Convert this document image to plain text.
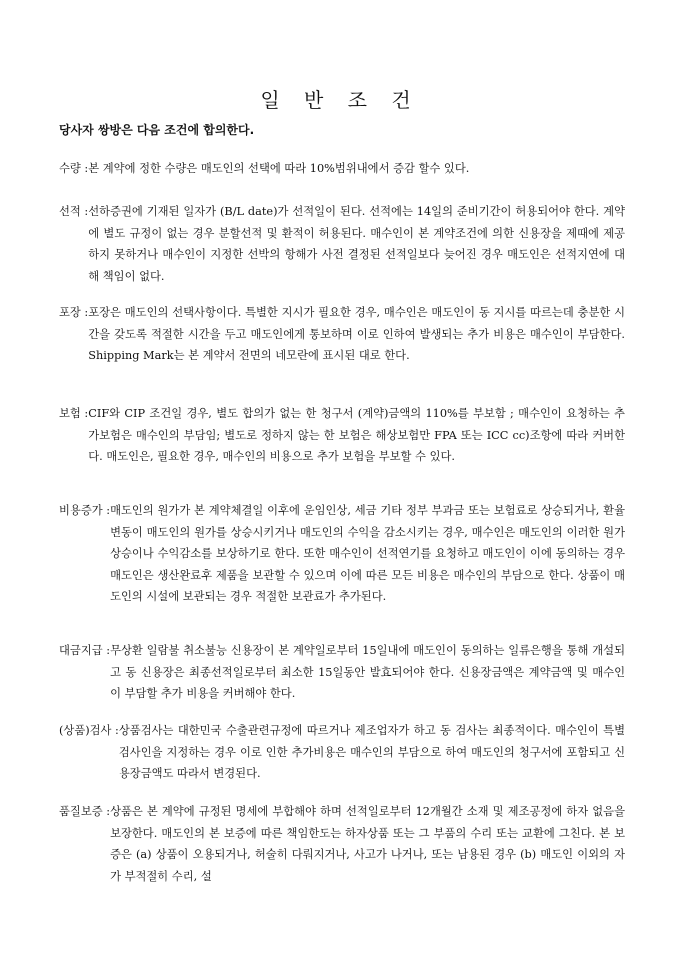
일 반 조 건

당사자 쌍방은 다음 조건에 합의한다.

수량 : 본 계약에 정한 수량은 매도인의 선택에 따라 10%범위내에서 증감 할수 있다.
선적 : 선하증권에 기재된 일자가 (B/L date)가 선적일이 된다. 선적에는 14일의 준비기간이 허용되어야 한다. 계약에 별도 규정이 없는 경우 분할선적 및 환적이 허용된다. 매수인이 본 계약조건에 의한 신용장을 제때에 제공하지 못하거나 매수인이 지정한 선박의 항해가 사전 결정된 선적일보다 늦어진 경우 매도인은 선적지연에 대해 책임이 없다.
포장 : 포장은 매도인의 선택사항이다. 특별한 지시가 필요한 경우, 매수인은 매도인이 동 지시를 따르는데 충분한 시간을 갖도록 적절한 시간을 두고 매도인에게 통보하며 이로 인하여 발생되는 추가 비용은 매수인이 부담한다. Shipping Mark는 본 계약서 전면의 네모란에 표시된 대로 한다.
보험 : CIF와 CIP 조건일 경우, 별도 합의가 없는 한 청구서 (계약)금액의 110%를 부보함 ; 매수인이 요청하는 추가보험은 매수인의 부담임; 별도로 정하지 않는 한 보험은 해상보험만 FPA 또는 ICC cc)조항에 따라 커버한다. 매도인은, 필요한 경우, 매수인의 비용으로 추가 보험을 부보할 수 있다.
비용증가 : 매도인의 원가가 본 계약체결일 이후에 운임인상, 세금 기타 정부 부과금 또는 보험료로 상승되거나, 환율변동이 매도인의 원가를 상승시키거나 매도인의 수익을 감소시키는 경우, 매수인은 매도인의 이러한 원가상승이나 수익감소를 보상하기로 한다. 또한 매수인이 선적연기를 요청하고 매도인이 이에 동의하는 경우 매도인은 생산완료후 제품을 보관할 수 있으며 이에 따른 모든 비용은 매수인의 부담으로 한다. 상품이 매도인의 시설에 보관되는 경우 적절한 보관료가 추가된다.
대금지급 : 무상환 일람불 취소불능 신용장이 본 계약일로부터 15일내에 매도인이 동의하는 일류은행을 통해 개설되고 동 신용장은 최종선적일로부터 최소한 15일동안 발효되어야 한다. 신용장금액은 계약금액 및 매수인이 부담할 추가 비용을 커버해야 한다.
(상품)검사 : 상품검사는 대한민국 수출관련규정에 따르거나 제조업자가 하고 동 검사는 최종적이다. 매수인이 특별검사인을 지정하는 경우 이로 인한 추가비용은 매수인의 부담으로 하여 매도인의 청구서에 포함되고 신용장금액도 따라서 변경된다.
품질보증 : 상품은 본 계약에 규정된 명세에 부합해야 하며 선적일로부터 12개월간 소재 및 제조공정에 하자 없음을 보장한다. 매도인의 본 보증에 따른 책임한도는 하자상품 또는 그 부품의 수리 또는 교환에 그친다. 본 보증은 (a) 상품이 오용되거나, 허술히 다뤄지거나, 사고가 나거나, 또는 남용된 경우 (b) 매도인 이외의 자가 부적절히 수리, 설
